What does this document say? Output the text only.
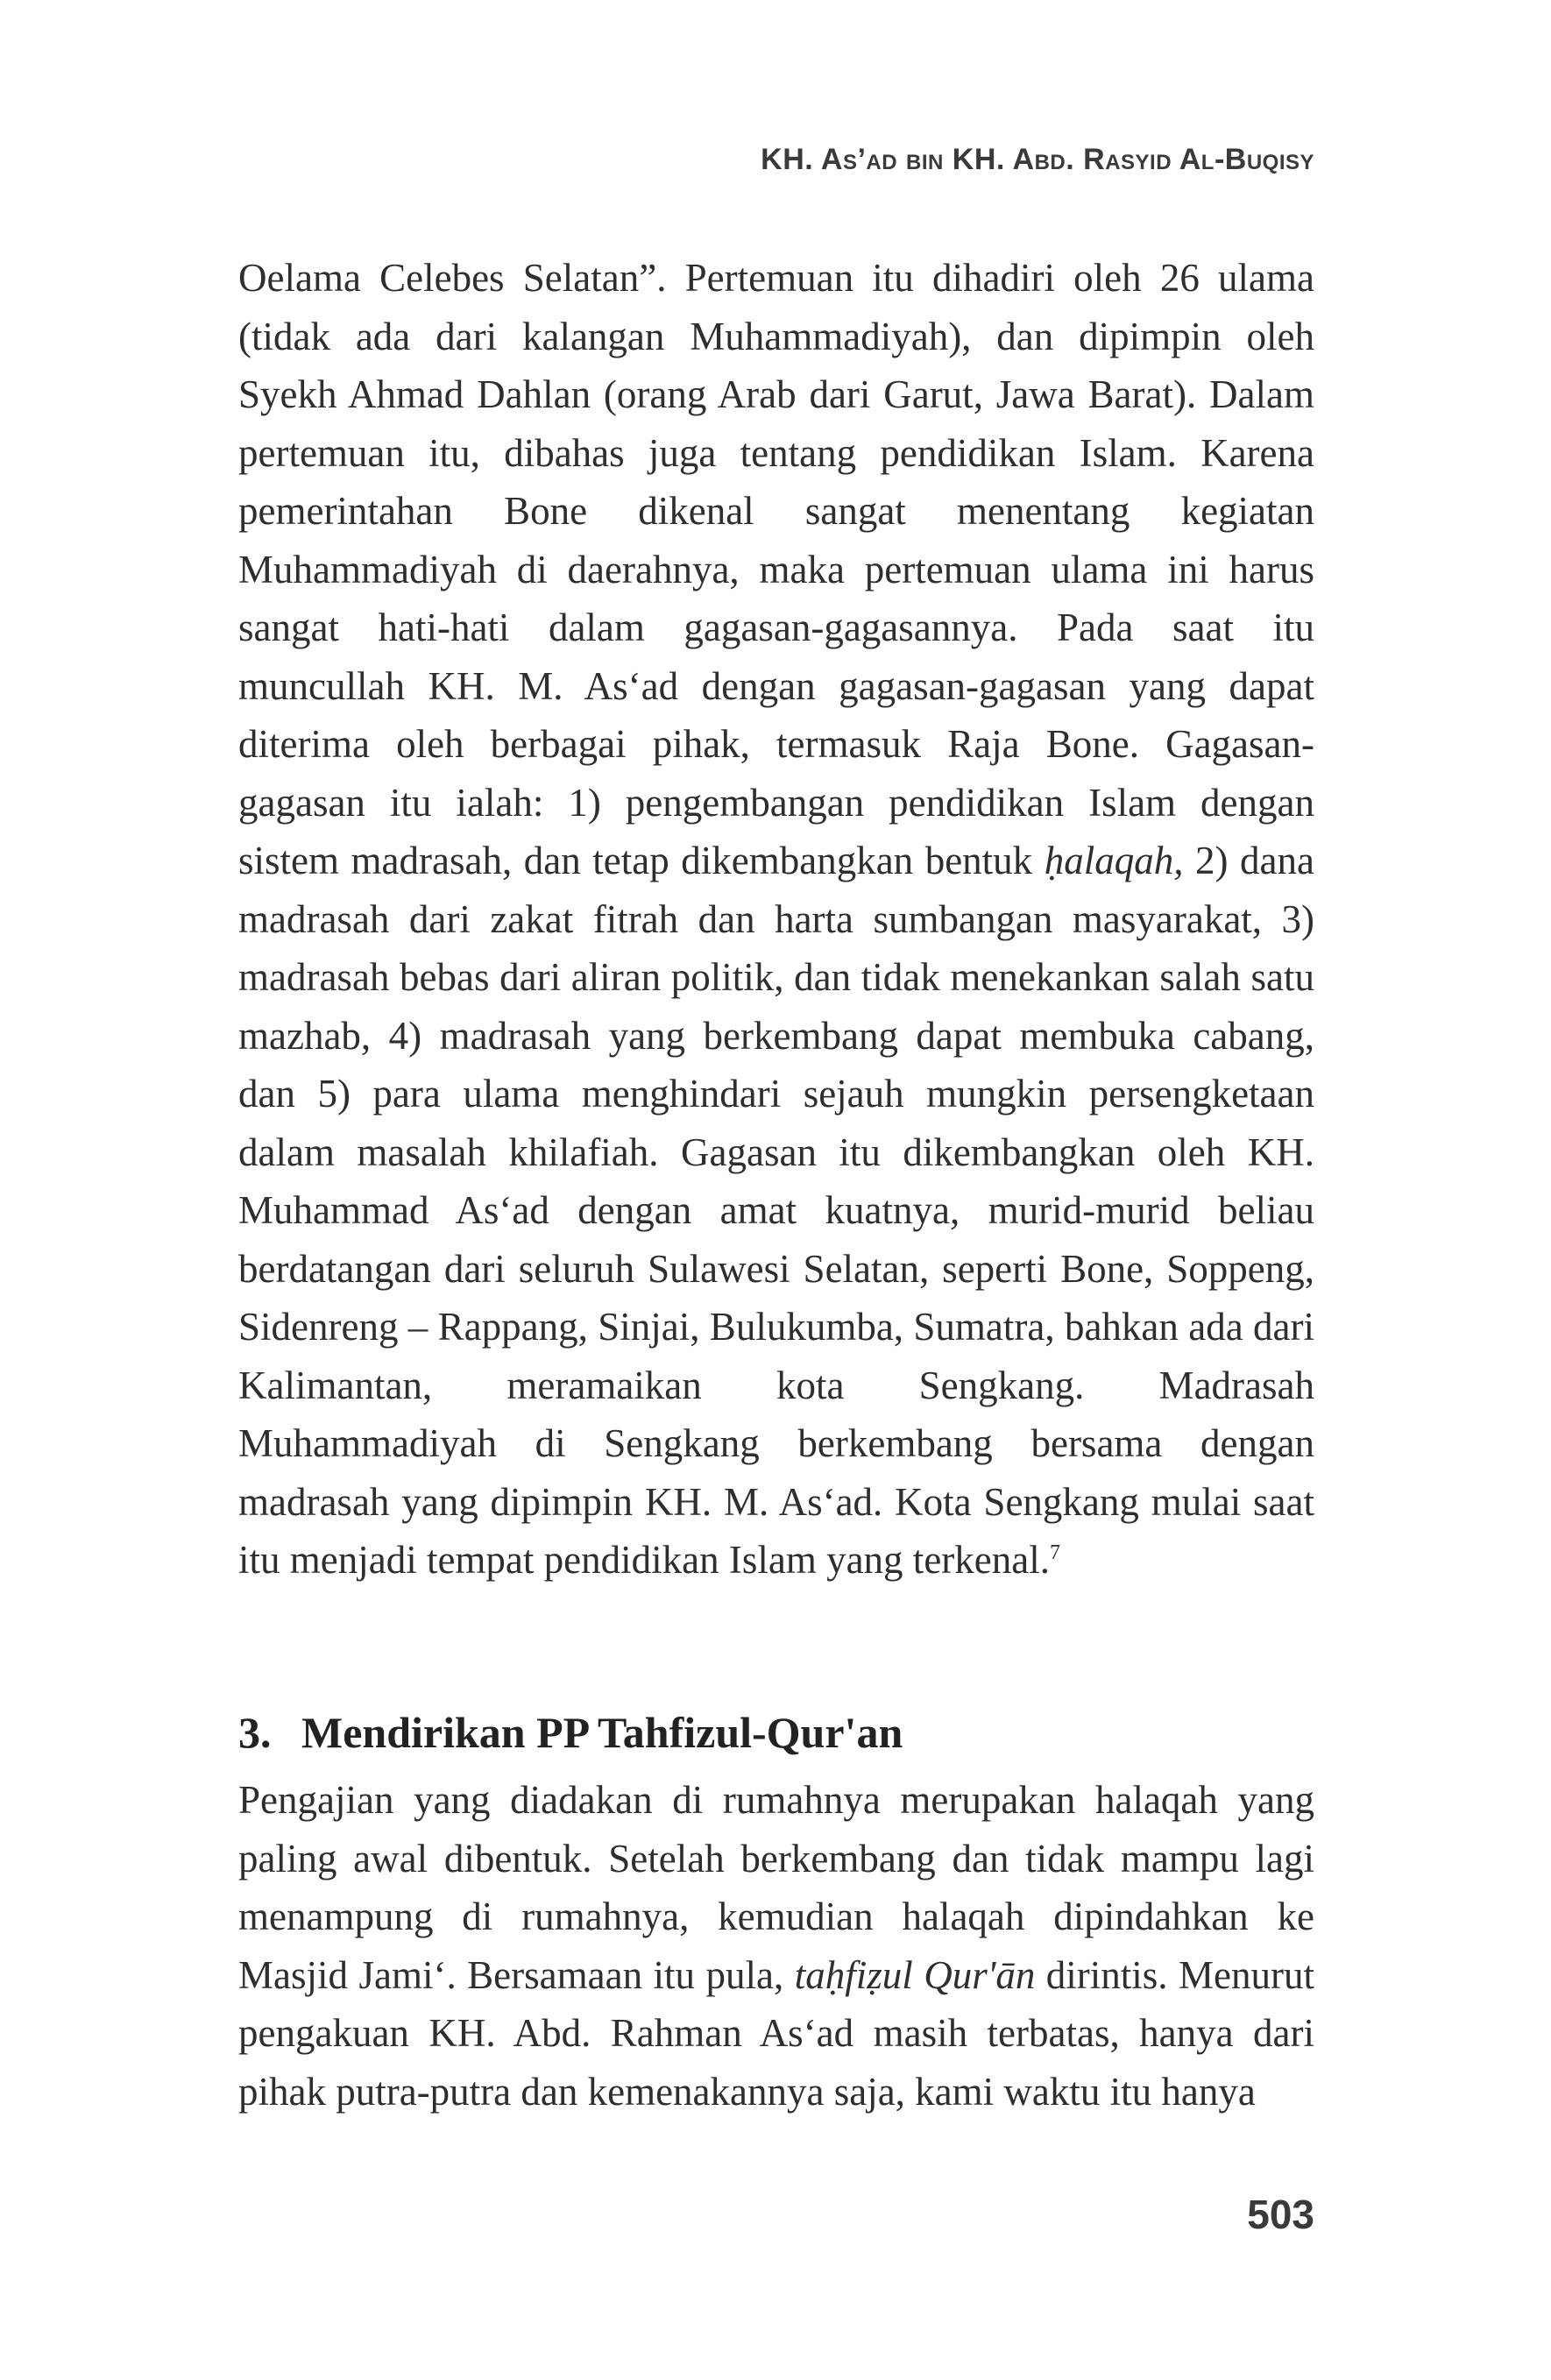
KH. As’ad bin KH. Abd. Rasyid Al-Buqisy

Oelama Celebes Selatan”. Pertemuan itu dihadiri oleh 26 ulama (tidak ada dari kalangan Muhammadiyah), dan dipimpin oleh Syekh Ahmad Dahlan (orang Arab dari Garut, Jawa Barat). Dalam pertemuan itu, dibahas juga tentang pendidikan Islam. Karena pemerintahan Bone dikenal sangat menentang kegiatan Muhammadiyah di daerahnya, maka pertemuan ulama ini harus sangat hati-hati dalam gagasan-gagasannya. Pada saat itu muncullah KH. M. As‘ad dengan gagasan-gagasan yang dapat diterima oleh berbagai pihak, termasuk Raja Bone. Gagasan-gagasan itu ialah: 1) pengembangan pendidikan Islam dengan sistem madrasah, dan tetap dikembangkan bentuk ḥalaqah, 2) dana madrasah dari zakat fitrah dan harta sumbangan masyarakat, 3) madrasah bebas dari aliran politik, dan tidak menekankan salah satu mazhab, 4) madrasah yang berkembang dapat membuka cabang, dan 5) para ulama menghindari sejauh mungkin persengketaan dalam masalah khilafiah. Gagasan itu dikembangkan oleh KH. Muhammad As‘ad dengan amat kuatnya, murid-murid beliau berdatangan dari seluruh Sulawesi Selatan, seperti Bone, Soppeng, Sidenreng – Rappang, Sinjai, Bulukumba, Sumatra, bahkan ada dari Kalimantan, meramaikan kota Sengkang. Madrasah Muhammadiyah di Sengkang berkembang bersama dengan madrasah yang dipimpin KH. M. As‘ad. Kota Sengkang mulai saat itu menjadi tempat pendidikan Islam yang terkenal.$^7$

3. Mendirikan PP Tahfizul-Qur'an

Pengajian yang diadakan di rumahnya merupakan halaqah yang paling awal dibentuk. Setelah berkembang dan tidak mampu lagi menampung di rumahnya, kemudian halaqah dipindahkan ke Masjid Jami‘. Bersamaan itu pula, taḥfiẓul Qur'ān dirintis. Menurut pengakuan KH. Abd. Rahman As‘ad masih terbatas, hanya dari pihak putra-putra dan kemenakannya saja, kami waktu itu hanya

503
